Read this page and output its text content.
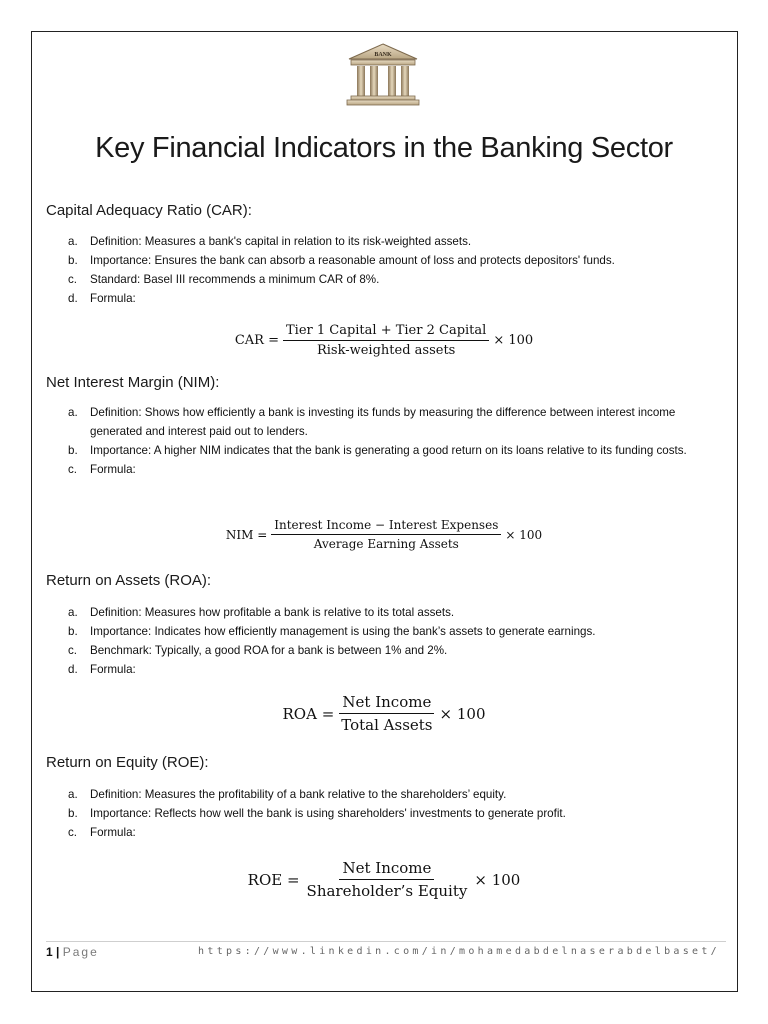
BANK
Key Financial Indicators in the Banking Sector
Capital Adequacy Ratio (CAR):
a. Definition: Measures a bank's capital in relation to its risk-weighted assets.
b. Importance: Ensures the bank can absorb a reasonable amount of loss and protects depositors' funds.
c. Standard: Basel III recommends a minimum CAR of 8%.
d. Formula:
CAR = $\frac{\text{Tier 1 Capital + Tier 2 Capital}}{\text{Risk-weighted assets}} \times 100$
Net Interest Margin (NIM):
a. Definition: Shows how efficiently a bank is investing its funds by measuring the difference between interest income generated and interest paid out to lenders.
b. Importance: A higher NIM indicates that the bank is generating a good return on its loans relative to its funding costs.
c. Formula:
NIM = $\frac{\text{Interest Income − Interest Expenses}}{\text{Average Earning Assets}} \times 100$
Return on Assets (ROA):
a. Definition: Measures how profitable a bank is relative to its total assets.
b. Importance: Indicates how efficiently management is using the bank’s assets to generate earnings.
c. Benchmark: Typically, a good ROA for a bank is between 1% and 2%.
d. Formula:
ROA = $\frac{\text{Net Income}}{\text{Total Assets}} \times 100$
Return on Equity (ROE):
a. Definition: Measures the profitability of a bank relative to the shareholders’ equity.
b. Importance: Reflects how well the bank is using shareholders' investments to generate profit.
c. Formula:
ROE = $\frac{\text{Net Income}}{\text{Shareholder’s Equity}} \times 100$
1 | Page	https://www.linkedin.com/in/mohamedabdelnaserabdelbaset/
